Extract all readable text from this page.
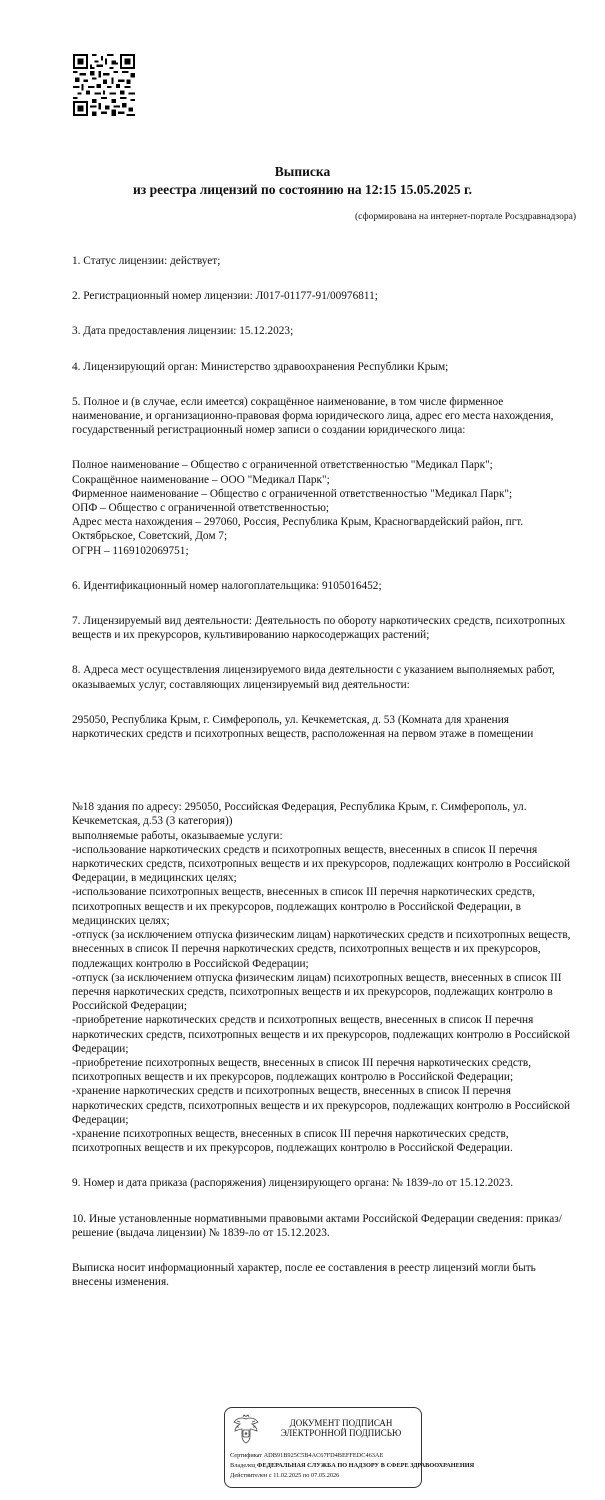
Выписка
из реестра лицензий по состоянию на 12:15 15.05.2025 г.
(сформирована на интернет-портале Росздравнадзора)

1. Статус лицензии: действует;

2. Регистрационный номер лицензии: Л017-01177-91/00976811;

3. Дата предоставления лицензии: 15.12.2023;

4. Лицензирующий орган: Министерство здравоохранения Республики Крым;

5. Полное и (в случае, если имеется) сокращённое наименование, в том числе фирменное наименование, и организационно-правовая форма юридического лица, адрес его места нахождения, государственный регистрационный номер записи о создании юридического лица:

Полное наименование – Общество с ограниченной ответственностью "Медикал Парк";

Сокращённое наименование – ООО "Медикал Парк";

Фирменное наименование – Общество с ограниченной ответственностью "Медикал Парк";

ОПФ – Общество с ограниченной ответственностью;

Адрес места нахождения – 297060, Россия, Республика Крым, Красногвардейский район, пгт. Октябрьское, Советский, Дом 7;

ОГРН – 1169102069751;

6. Идентификационный номер налогоплательщика: 9105016452;

7. Лицензируемый вид деятельности: Деятельность по обороту наркотических средств, психотропных веществ и их прекурсоров, культивированию наркосодержащих растений;

8. Адреса мест осуществления лицензируемого вида деятельности с указанием выполняемых работ, оказываемых услуг, составляющих лицензируемый вид деятельности:

295050, Республика Крым, г. Симферополь, ул. Кечкеметская, д. 53 (Комната для хранения наркотических средств и психотропных веществ, расположенная на первом этаже в помещении

№18 здания по адресу: 295050, Российская Федерация, Республика Крым, г. Симферополь, ул. Кечкеметская, д.53 (3 категория))

выполняемые работы, оказываемые услуги:

-использование наркотических средств и психотропных веществ, внесенных в список II перечня наркотических средств, психотропных веществ и их прекурсоров, подлежащих контролю в Российской Федерации, в медицинских целях;

-использование психотропных веществ, внесенных в список III перечня наркотических средств, психотропных веществ и их прекурсоров, подлежащих контролю в Российской Федерации, в медицинских целях;

-отпуск (за исключением отпуска физическим лицам) наркотических средств и психотропных веществ, внесенных в список II перечня наркотических средств, психотропных веществ и их прекурсоров, подлежащих контролю в Российской Федерации;

-отпуск (за исключением отпуска физическим лицам) психотропных веществ, внесенных в список III перечня наркотических средств, психотропных веществ и их прекурсоров, подлежащих контролю в Российской Федерации;

-приобретение наркотических средств и психотропных веществ, внесенных в список II перечня наркотических средств, психотропных веществ и их прекурсоров, подлежащих контролю в Российской Федерации;

-приобретение психотропных веществ, внесенных в список III перечня наркотических средств, психотропных веществ и их прекурсоров, подлежащих контролю в Российской Федерации;

-хранение наркотических средств и психотропных веществ, внесенных в список II перечня наркотических средств, психотропных веществ и их прекурсоров, подлежащих контролю в Российской Федерации;

-хранение психотропных веществ, внесенных в список III перечня наркотических средств, психотропных веществ и их прекурсоров, подлежащих контролю в Российской Федерации.

9. Номер и дата приказа (распоряжения) лицензирующего органа: № 1839-ло от 15.12.2023.

10. Иные установленные нормативными правовыми актами Российской Федерации сведения: приказ/решение (выдача лицензии) № 1839-ло от 15.12.2023.

Выписка носит информационный характер, после ее составления в реестр лицензий могли быть внесены изменения.

ДОКУМЕНТ ПОДПИСАН
ЭЛЕКТРОННОЙ ПОДПИСЬЮ
Сертификат ADB91B925C5B4AC67FD4BEFFEDC463AE
Владелец ФЕДЕРАЛЬНАЯ СЛУЖБА ПО НАДЗОРУ В СФЕРЕ ЗДРАВООХРАНЕНИЯ
Действителен с 11.02.2025 по 07.05.2026
